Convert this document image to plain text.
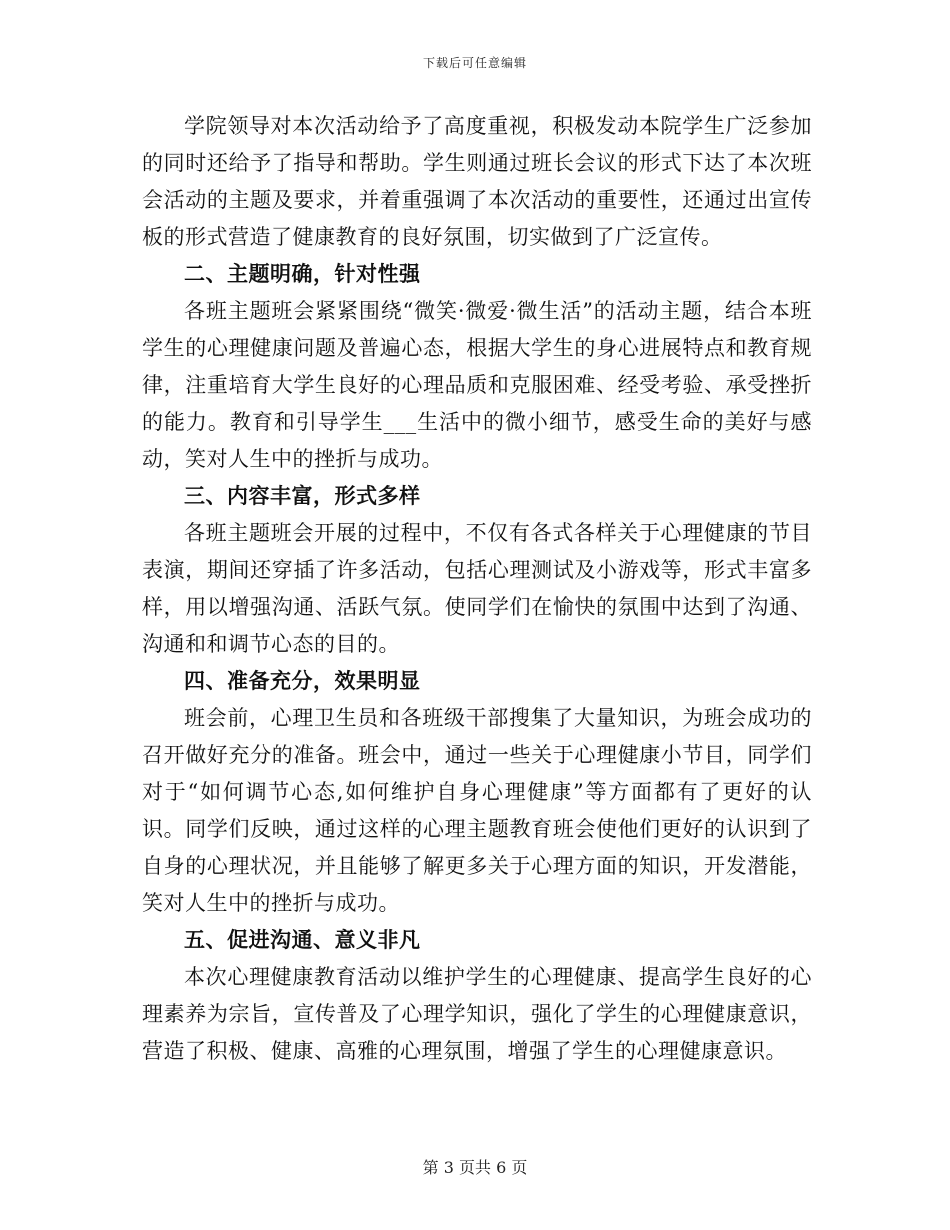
下载后可任意编辑

学院领导对本次活动给予了高度重视，积极发动本院学生广泛参加的同时还给予了指导和帮助。学生则通过班长会议的形式下达了本次班会活动的主题及要求，并着重强调了本次活动的重要性，还通过出宣传板的形式营造了健康教育的良好氛围，切实做到了广泛宣传。

二、主题明确，针对性强

各班主题班会紧紧围绕“微笑·微爱·微生活”的活动主题，结合本班学生的心理健康问题及普遍心态，根据大学生的身心进展特点和教育规律，注重培育大学生良好的心理品质和克服困难、经受考验、承受挫折的能力。教育和引导学生___生活中的微小细节，感受生命的美好与感动，笑对人生中的挫折与成功。

三、内容丰富，形式多样

各班主题班会开展的过程中，不仅有各式各样关于心理健康的节目表演，期间还穿插了许多活动，包括心理测试及小游戏等，形式丰富多样，用以增强沟通、活跃气氛。使同学们在愉快的氛围中达到了沟通、沟通和和调节心态的目的。

四、准备充分，效果明显

班会前，心理卫生员和各班级干部搜集了大量知识，为班会成功的召开做好充分的准备。班会中，通过一些关于心理健康小节目，同学们对于“如何调节心态,如何维护自身心理健康”等方面都有了更好的认识。同学们反映，通过这样的心理主题教育班会使他们更好的认识到了自身的心理状况，并且能够了解更多关于心理方面的知识，开发潜能，笑对人生中的挫折与成功。

五、促进沟通、意义非凡

本次心理健康教育活动以维护学生的心理健康、提高学生良好的心理素养为宗旨，宣传普及了心理学知识，强化了学生的心理健康意识，营造了积极、健康、高雅的心理氛围，增强了学生的心理健康意识。

第 3 页共 6 页
